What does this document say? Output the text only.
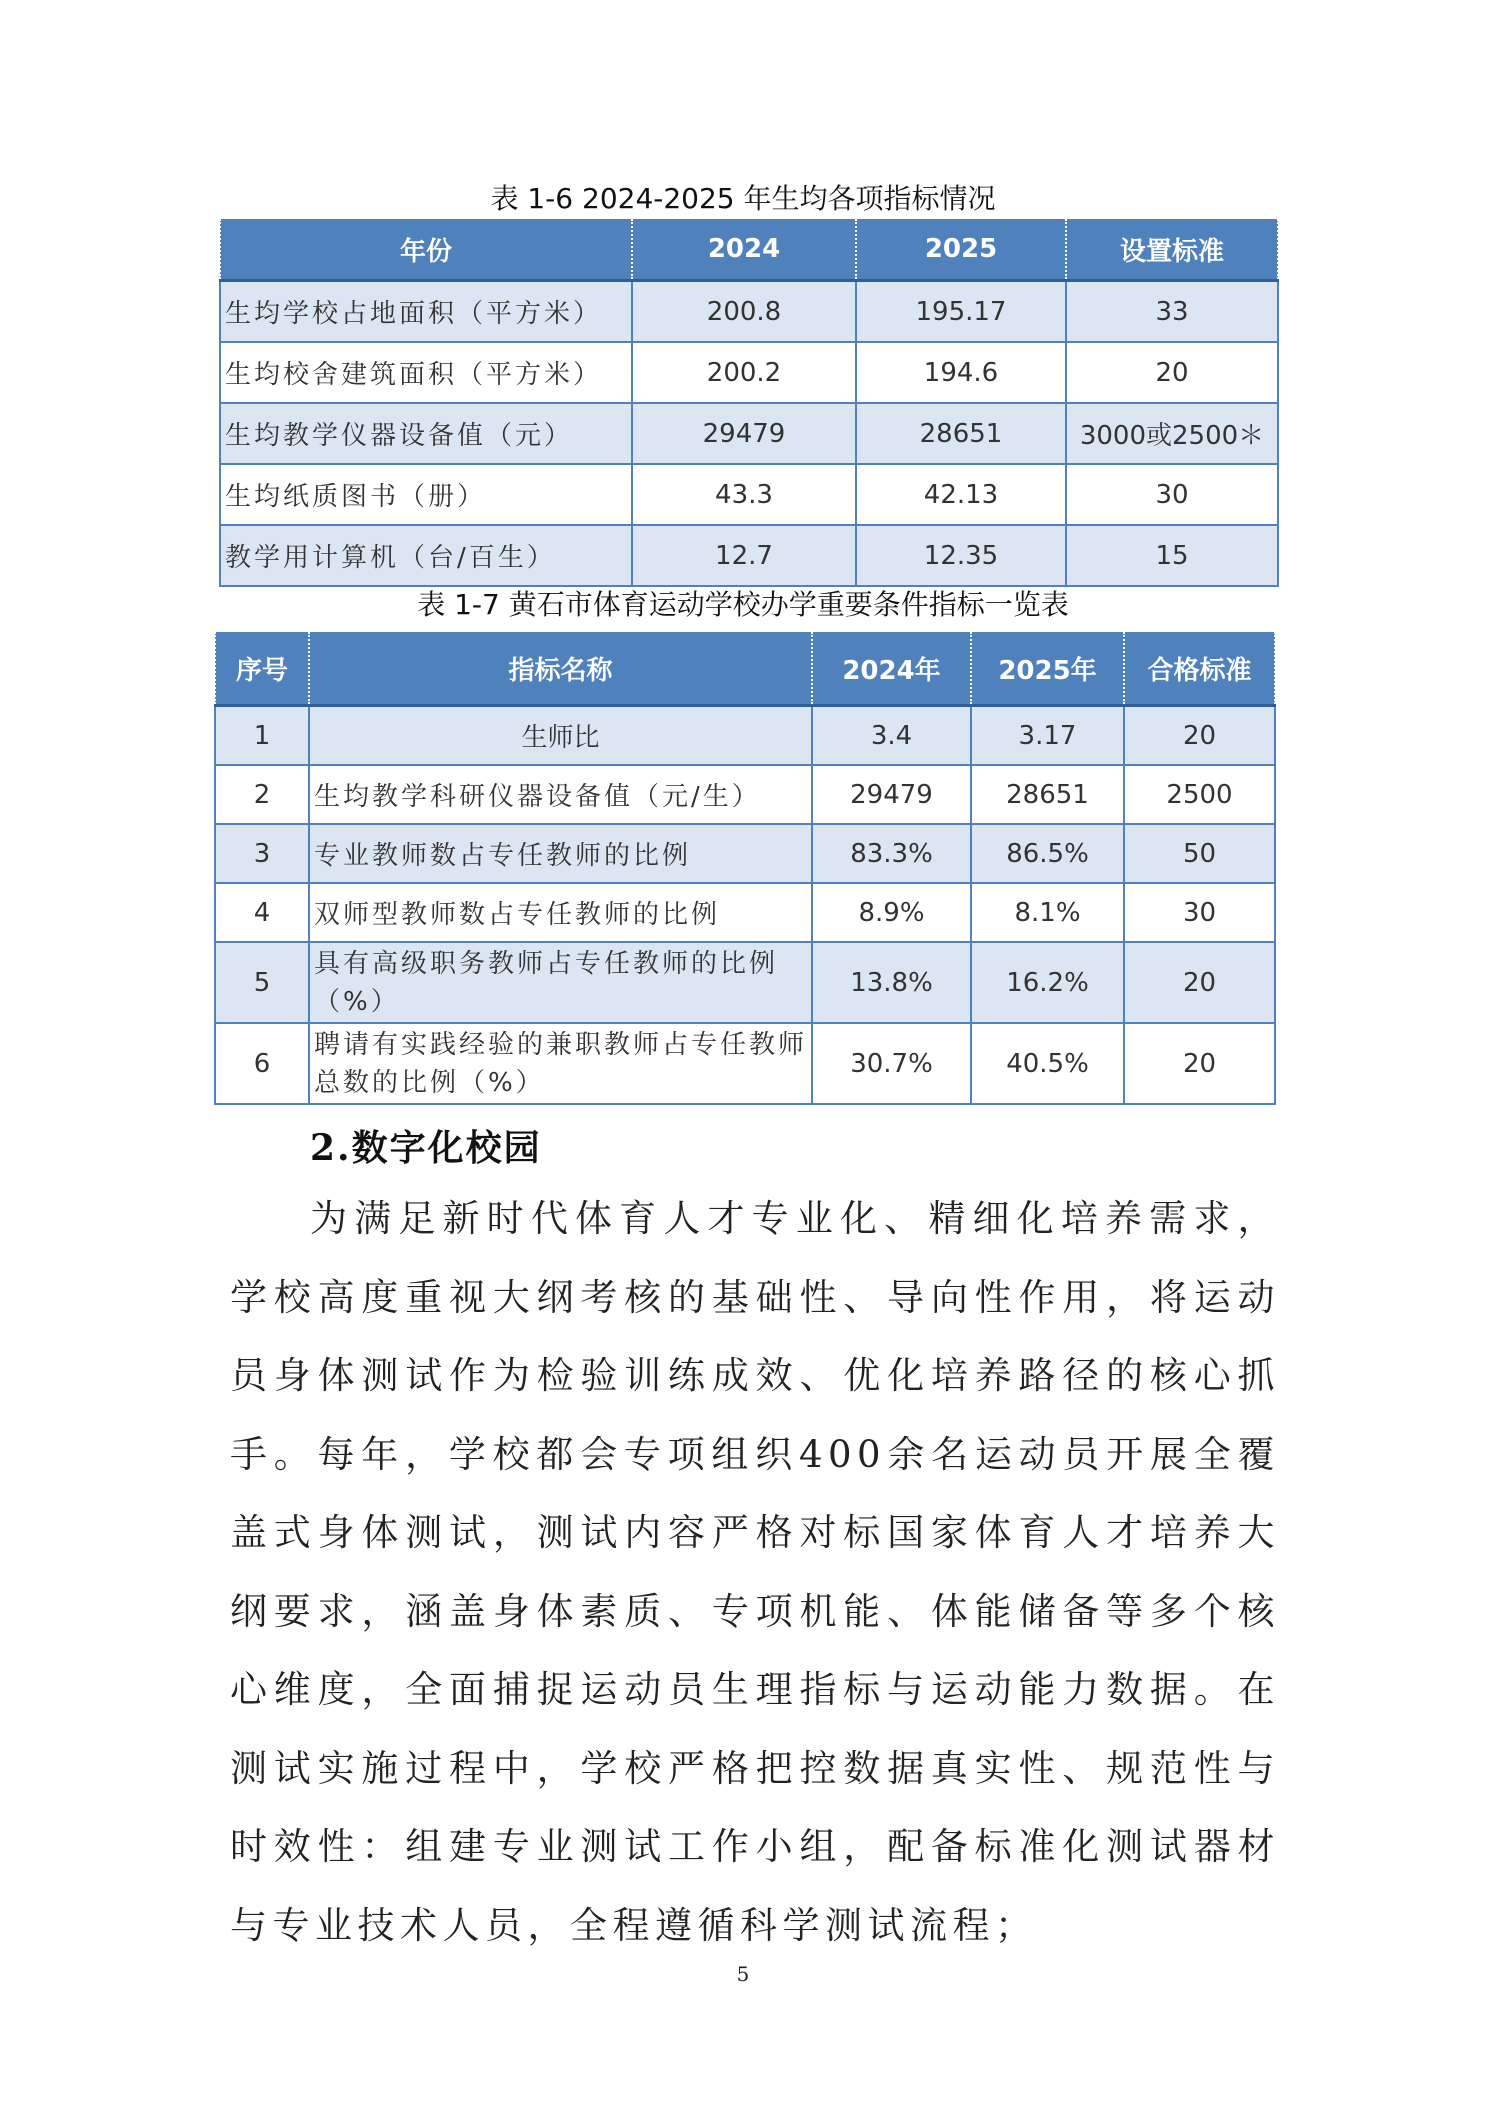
表 1-6 2024-2025 年生均各项指标情况
年份	2024	2025	设置标准
生均学校占地面积（平方米）	200.8	195.17	33
生均校舍建筑面积（平方米）	200.2	194.6	20
生均教学仪器设备值（元）	29479	28651	3000或2500＊
生均纸质图书（册）	43.3	42.13	30
教学用计算机（台/百生）	12.7	12.35	15
表 1-7 黄石市体育运动学校办学重要条件指标一览表
序号	指标名称	2024年	2025年	合格标准
1	生师比	3.4	3.17	20
2	生均教学科研仪器设备值（元/生）	29479	28651	2500
3	专业教师数占专任教师的比例	83.3%	86.5%	50
4	双师型教师数占专任教师的比例	8.9%	8.1%	30
5	具有高级职务教师占专任教师的比例（%）	13.8%	16.2%	20
6	聘请有实践经验的兼职教师占专任教师总数的比例（%）	30.7%	40.5%	20
2.数字化校园

为满足新时代体育人才专业化、精细化培养需求，学校高度重视大纲考核的基础性、导向性作用，将运动员身体测试作为检验训练成效、优化培养路径的核心抓手。每年，学校都会专项组织400余名运动员开展全覆盖式身体测试，测试内容严格对标国家体育人才培养大纲要求，涵盖身体素质、专项机能、体能储备等多个核心维度，全面捕捉运动员生理指标与运动能力数据。在测试实施过程中，学校严格把控数据真实性、规范性与时效性：组建专业测试工作小组，配备标准化测试器材与专业技术人员，全程遵循科学测试流程；

5
